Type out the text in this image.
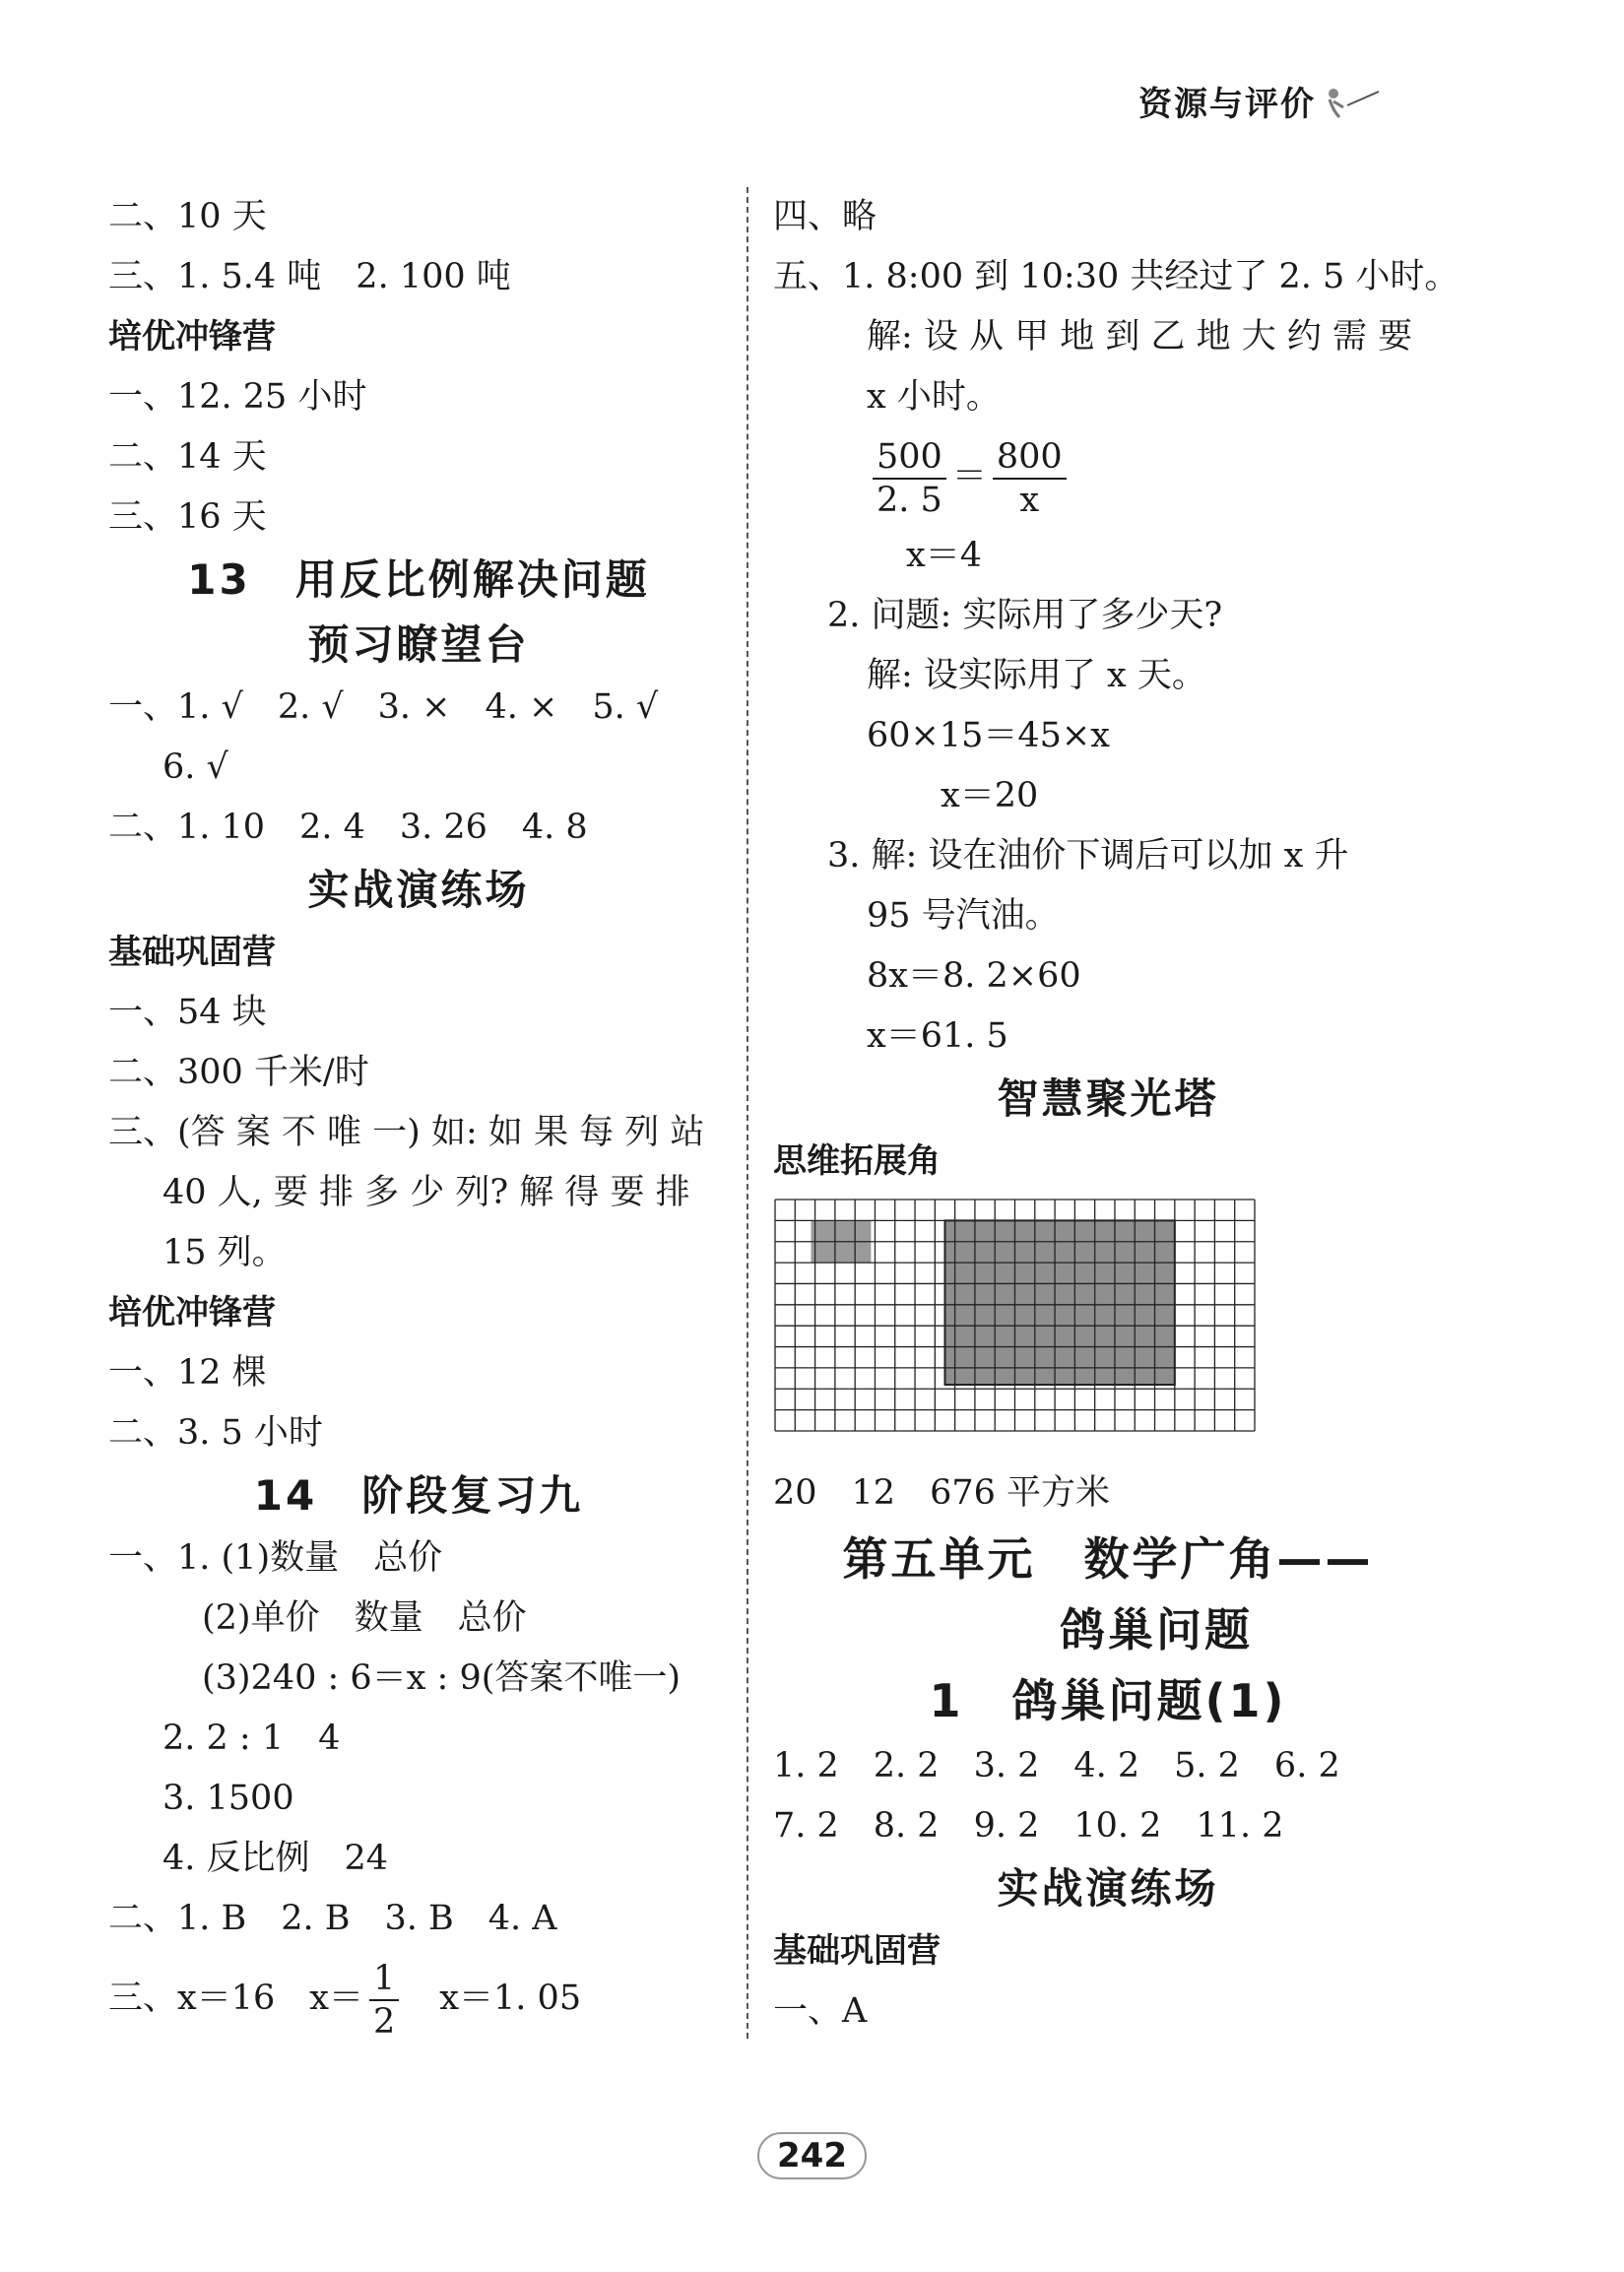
资源与评价
二、10 天
三、1. 5.4 吨　2. 100 吨
培优冲锋营
一、12. 25 小时
二、14 天
三、16 天
13　用反比例解决问题
预习瞭望台
一、1. √　2. √　3. ×　4. ×　5. √
6. √
二、1. 10　2. 4　3. 26　4. 8
实战演练场
基础巩固营
一、54 块
二、300 千米/时
三、(答 案 不 唯 一) 如: 如 果 每 列 站
40 人, 要 排 多 少 列? 解 得 要 排
15 列。
培优冲锋营
一、12 棵
二、3. 5 小时
14　阶段复习九
一、1. (1)数量　总价
(2)单价　数量　总价
(3)240 : 6＝x : 9(答案不唯一)
2. 2 : 1　4
3. 1500
4. 反比例　24
二、1. B　2. B　3. B　4. A
三、x＝16　$x= \frac{1}{2}$ 　x＝1. 05
四、略
五、1. 8:00 到 10:30 共经过了 2. 5 小时。
解: 设 从 甲 地 到 乙 地 大 约 需 要
x 小时。
$\frac{500}{2. 5} = \frac{800}{x}$
x＝4
2. 问题: 实际用了多少天?
解: 设实际用了 x 天。
60×15＝45×x
　x＝20
3. 解: 设在油价下调后可以加 x 升
95 号汽油。
8x＝8. 2×60
x＝61. 5
智慧聚光塔
思维拓展角
20　12　676 平方米
第五单元　数学广角——
　　鸽巢问题
1　鸽巢问题(1)
1. 2　2. 2　3. 2　4. 2　5. 2　6. 2
7. 2　8. 2　9. 2　10. 2　11. 2
实战演练场
基础巩固营
一、A
242
